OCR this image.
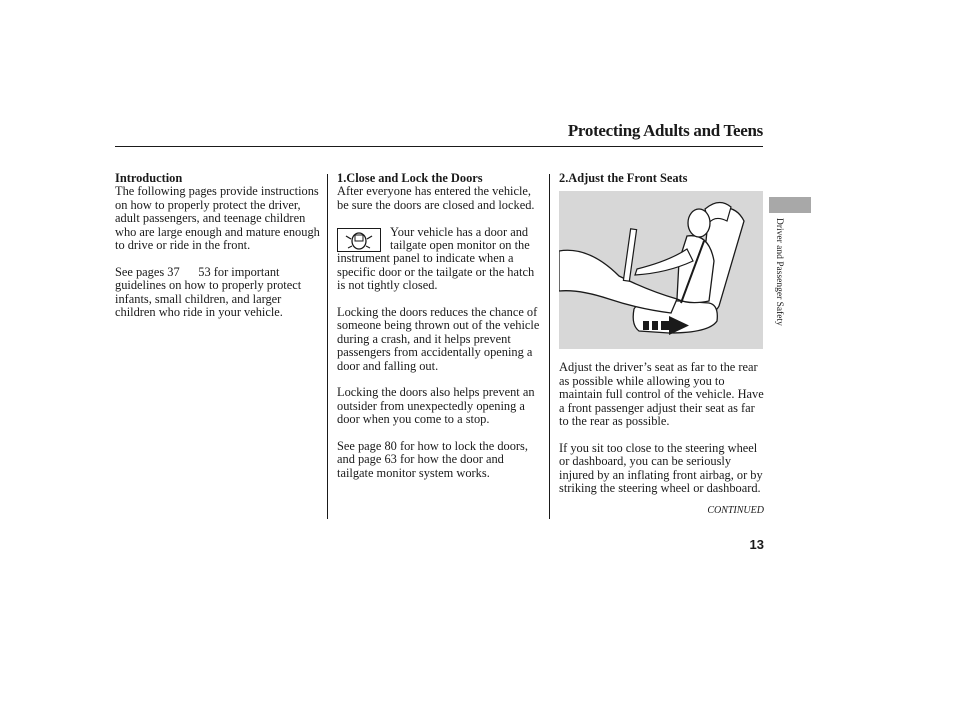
Protecting Adults and Teens
Introduction

The following pages provide instructions on how to properly protect the driver, adult passengers, and teenage children who are large enough and mature enough to drive or ride in the front.

See pages 37      53 for important guidelines on how to properly protect infants, small children, and larger children who ride in your vehicle.

1.Close and Lock the Doors

After everyone has entered the vehicle, be sure the doors are closed and locked.

Your vehicle has a door and tailgate open monitor on the instrument panel to indicate when a specific door or the tailgate or the hatch is not tightly closed.

Locking the doors reduces the chance of someone being thrown out of the vehicle during a crash, and it helps prevent passengers from accidentally opening a door and falling out.

Locking the doors also helps prevent an outsider from unexpectedly opening a door when you come to a stop.

See page 80 for how to lock the doors, and page 63 for how the door and tailgate monitor system works.

2.Adjust the Front Seats

Adjust the driver’s seat as far to the rear as possible while allowing you to maintain full control of the vehicle. Have a front passenger adjust their seat as far to the rear as possible.

If you sit too close to the steering wheel or dashboard, you can be seriously injured by an inflating front airbag, or by striking the steering wheel or dashboard.

CONTINUED
13
Driver and Passenger Safety
